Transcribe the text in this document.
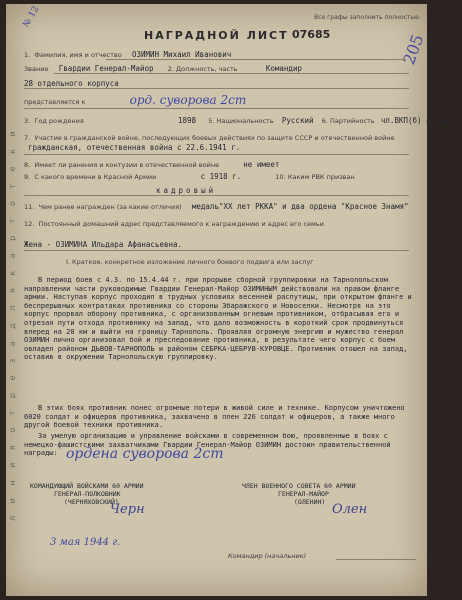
№ 12	Все графы заполнить полностью
НАГРАДНОЙ ЛИСТ 07685	205
л и н и я о т р е з а д л я к а р т о т е к и
1. Фамилия, имя и отчество ОЗИМИН Михаил Иванович
Звание Гвардии Генерал-Майор 2. Должность, часть	Командир
28 отдельного корпуса
представляется к	орд. суворова 2ст
3. Год рождения	1898 5. Национальность Русский 6. Партийность чл.ВКП(б) с 1918г.
7. Участие в гражданской войне, последующих боевых действиях по защите СССР и отечественной войне гражданская, отечественная война с 22.6.1941 г.
8. Имеет ли ранения и контузии в отечественной войне	не имеет
9. С какого времени в Красной Армии	с 1918 г.	10. Каким РВК призван
кадровый
11. Чем ранее награжден (за какие отличия) медаль"ХХ лет РККА" и два ордена "Красное Знамя"
12. Постоянный домашний адрес представляемого к награждению и адрес его семьи
Жена - ОЗИМИНА Ильдара Афанасьевна.
I. Краткое, конкретное изложение личного боевого подвига или заслуг
В период боев с 4.3. по 15.4.44 г. при прорыве сборной группировки на Тарнопольском направлении части руководимые Гвардии Генерал-Майор ОЗИМИНЫМ действовали на правом фланге армии. Наступая корпус проходил в трудных условиях весенней распутицы, при открытом фланге и беспрерывных контратаках противника со стороны Збаражского и Новоселки. Несмотря на это корпус прорвал оборону противника, с организованным огневым противником, отбрасывая его и отрезая пути отхода противнику на запад, что дало возможность в короткий срок продвинуться вперед на 20 км и выйти на границу Тарнополь. Проявляя огромную энергию и мужество генерал ОЗИМИН лично организовал бой и преследование противника, в результате чего корпус с боем овладел районом ДЬВОВ-ТАРНОПОЛЬ и районом СЕБРКА-ЦЕБРУВ-КУРОВЦЕ. Противник отошел на запад, оставив в окружении Тарнопольскую группировку.
В этих боях противник понес огромные потери в живой силе и технике. Корпусом уничтожено 6020 солдат и офицеров противника, захвачено в плен 226 солдат и офицеров, а также много другой боевой техники противника.
За умелую организацию и управление войсками в современном бою, проявленные в боях с немецко-фашистскими захватчиками Гвардии Генерал-Майор ОЗИМИН достоин правительственной награды: ордена суворова 2ст
КОМАНДУЮЩИЙ ВОЙСКАМИ 60 АРМИИ
ГЕНЕРАЛ-ПОЛКОВНИК
(ЧЕРНЯХОВСКИЙ)
ЧЛЕН ВОЕННОГО СОВЕТА 60 АРМИИ
ГЕНЕРАЛ-МАЙОР
(ОЛЕНИН)
Черн	Олен
3 мая 1944 г.
Командир (начальник)
